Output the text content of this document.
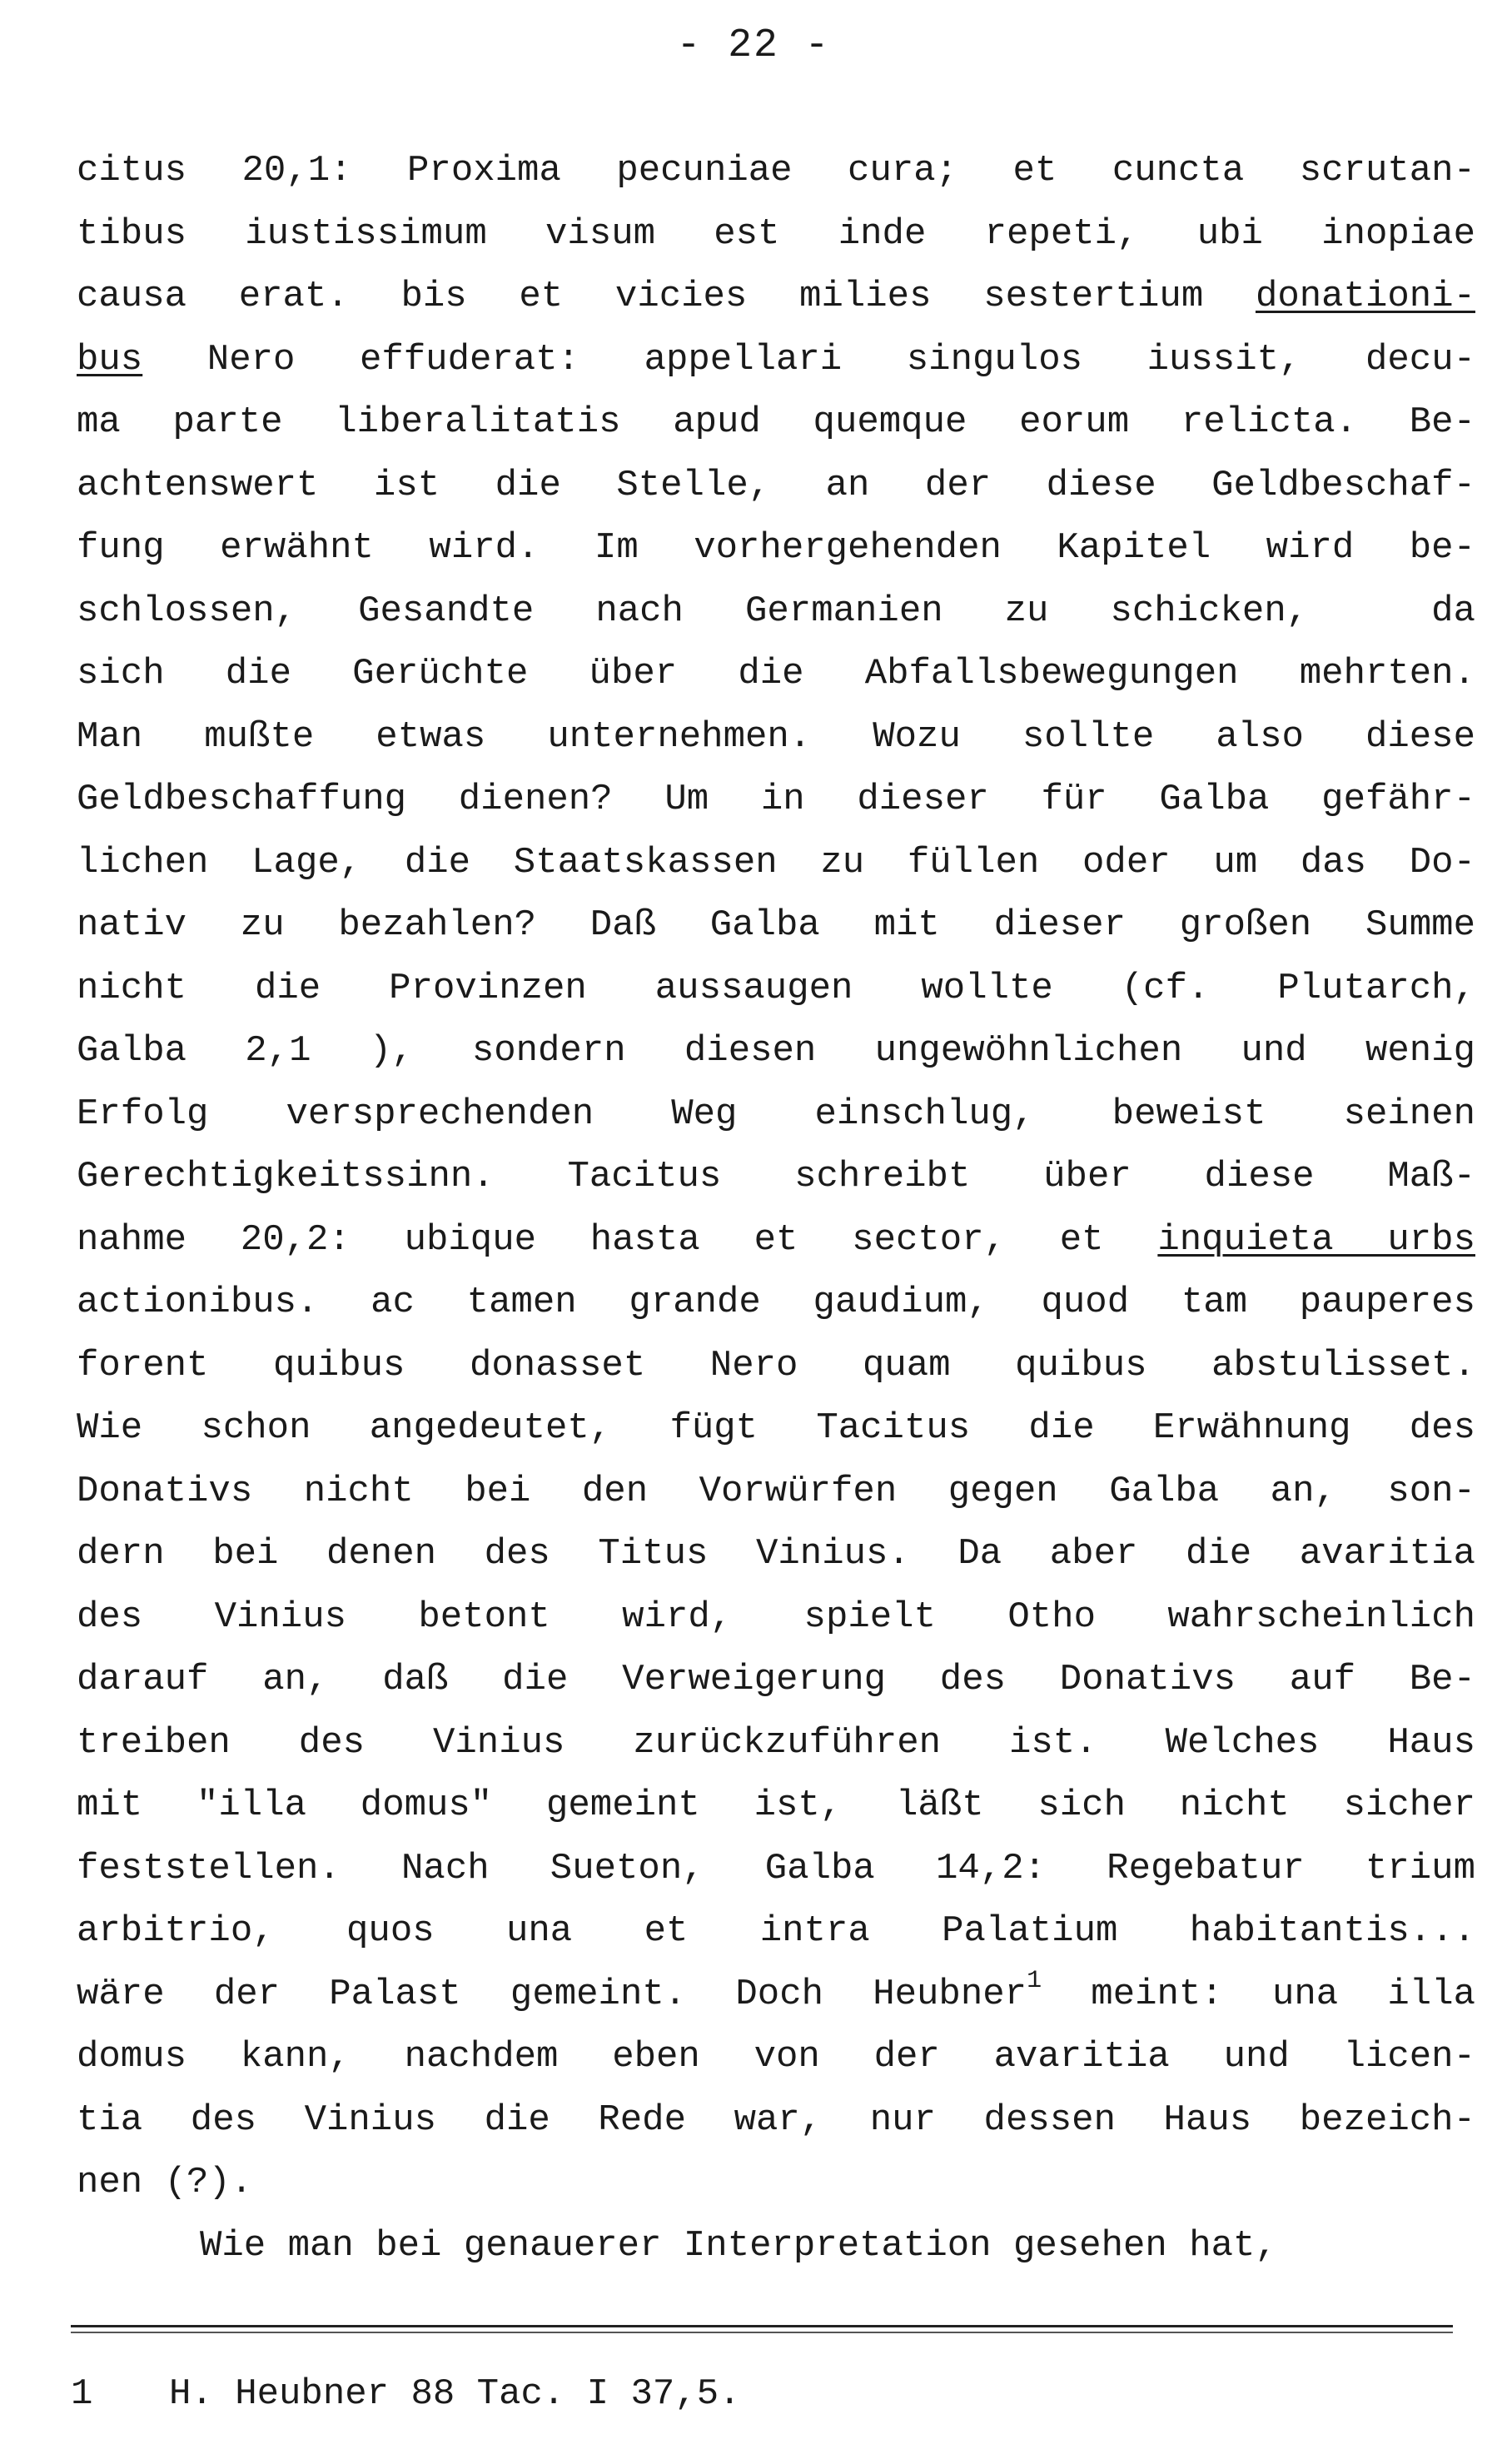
- 22 -
citus 20,1: Proxima pecuniae cura; et cuncta scrutan-
tibus iustissimum visum est inde repeti, ubi inopiae
causa erat. bis et vicies milies sestertium donationi-
bus Nero effuderat: appellari singulos iussit, decu-
ma parte liberalitatis apud quemque eorum relicta. Be-
achtenswert ist die Stelle, an der diese Geldbeschaf-
fung erwähnt wird. Im vorhergehenden Kapitel wird be-
schlossen, Gesandte nach Germanien zu schicken,  da
sich die Gerüchte über die Abfallsbewegungen mehrten.
Man mußte etwas unternehmen. Wozu sollte also diese
Geldbeschaffung dienen? Um in dieser für Galba gefähr-
lichen Lage, die Staatskassen zu füllen oder um das Do-
nativ zu bezahlen? Daß Galba mit dieser großen Summe
nicht die Provinzen aussaugen wollte (cf. Plutarch,
Galba 2,1 ), sondern diesen ungewöhnlichen und wenig
Erfolg versprechenden Weg einschlug, beweist seinen
Gerechtigkeitssinn. Tacitus schreibt über diese Maß-
nahme 20,2: ubique hasta et sector, et inquieta urbs
actionibus. ac tamen grande gaudium, quod tam pauperes
forent quibus donasset Nero quam quibus abstulisset.
Wie schon angedeutet, fügt Tacitus die Erwähnung des
Donativs nicht bei den Vorwürfen gegen Galba an, son-
dern bei denen des Titus Vinius. Da aber die avaritia
des Vinius betont wird, spielt Otho wahrscheinlich
darauf an, daß die Verweigerung des Donativs auf Be-
treiben des Vinius zurückzuführen ist. Welches Haus
mit "illa domus" gemeint ist, läßt sich nicht sicher
feststellen. Nach Sueton, Galba 14,2: Regebatur trium
arbitrio, quos una et intra Palatium habitantis...
wäre der Palast gemeint. Doch Heubner$^1$ meint: una illa
domus kann, nachdem eben von der avaritia und licen-
tia des Vinius die Rede war, nur dessen Haus bezeich-
nen (?).
Wie man bei genauerer Interpretation gesehen hat,
1 H. Heubner 88 Tac. I 37,5.
